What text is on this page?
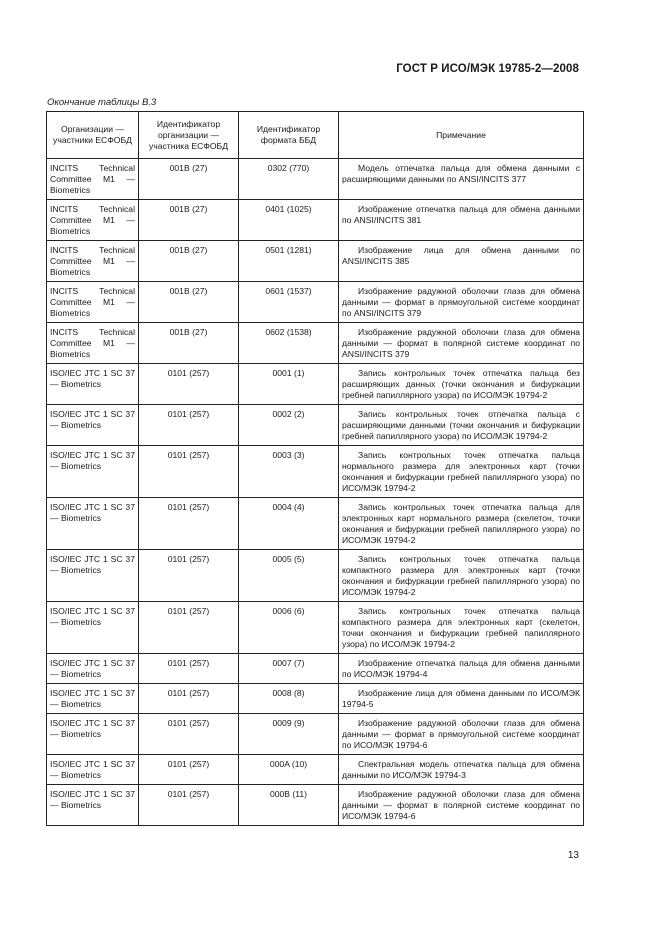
ГОСТ Р ИСО/МЭК 19785-2—2008
Окончание таблицы В.3
Организации — участники ЕСФОБД	Идентификатор организации — участника ЕСФОБД	Идентификатор формата ББД	Примечание
INCITS Technical Committee M1 — Biometrics	001B (27)	0302 (770)	Модель отпечатка пальца для обмена данными с расширяющими данными по ANSI/INCITS 377
INCITS Technical Committee M1 — Biometrics	001B (27)	0401 (1025)	Изображение отпечатка пальца для обмена данными по ANSI/INCITS 381
INCITS Technical Committee M1 — Biometrics	001B (27)	0501 (1281)	Изображение лица для обмена данными по ANSI/INCITS 385
INCITS Technical Committee M1 — Biometrics	001B (27)	0601 (1537)	Изображение радужной оболочки глаза для обмена данными — формат в прямоугольной системе координат по ANSI/INCITS 379
INCITS Technical Committee M1 — Biometrics	001B (27)	0602 (1538)	Изображение радужной оболочки глаза для обмена данными — формат в полярной системе координат по ANSI/INCITS 379
ISO/IEC JTC 1 SC 37 — Biometrics	0101 (257)	0001 (1)	Запись контрольных точек отпечатка пальца без расширяющих данных (точки окончания и бифуркации гребней папиллярного узора) по ИСО/МЭК 19794-2
ISO/IEC JTC 1 SC 37 — Biometrics	0101 (257)	0002 (2)	Запись контрольных точек отпечатка пальца с расширяющими данными (точки окончания и бифуркации гребней папиллярного узора) по ИСО/МЭК 19794-2
ISO/IEC JTC 1 SC 37 — Biometrics	0101 (257)	0003 (3)	Запись контрольных точек отпечатка пальца нормального размера для электронных карт (точки окончания и бифуркации гребней папиллярного узора) по ИСО/МЭК 19794-2
ISO/IEC JTC 1 SC 37 — Biometrics	0101 (257)	0004 (4)	Запись контрольных точек отпечатка пальца для электронных карт нормального размера (скелетон, точки окончания и бифуркации гребней папиллярного узора) по ИСО/МЭК 19794-2
ISO/IEC JTC 1 SC 37 — Biometrics	0101 (257)	0005 (5)	Запись контрольных точек отпечатка пальца компактного размера для электронных карт (точки окончания и бифуркации гребней папиллярного узора) по ИСО/МЭК 19794-2
ISO/IEC JTC 1 SC 37 — Biometrics	0101 (257)	0006 (6)	Запись контрольных точек отпечатка пальца компактного размера для электронных карт (скелетон, точки окончания и бифуркации гребней папиллярного узора) по ИСО/МЭК 19794-2
ISO/IEC JTC 1 SC 37 — Biometrics	0101 (257)	0007 (7)	Изображение отпечатка пальца для обмена данными по ИСО/МЭК 19794-4
ISO/IEC JTC 1 SC 37 — Biometrics	0101 (257)	0008 (8)	Изображение лица для обмена данными по ИСО/МЭК 19794-5
ISO/IEC JTC 1 SC 37 — Biometrics	0101 (257)	0009 (9)	Изображение радужной оболочки глаза для обмена данными — формат в прямоугольной системе координат по ИСО/МЭК 19794-6
ISO/IEC JTC 1 SC 37 — Biometrics	0101 (257)	000A (10)	Спектральная модель отпечатка пальца для обмена данными по ИСО/МЭК 19794-3
ISO/IEC JTC 1 SC 37 — Biometrics	0101 (257)	000B (11)	Изображение радужной оболочки глаза для обмена данными — формат в полярной системе координат по ИСО/МЭК 19794-6
13
